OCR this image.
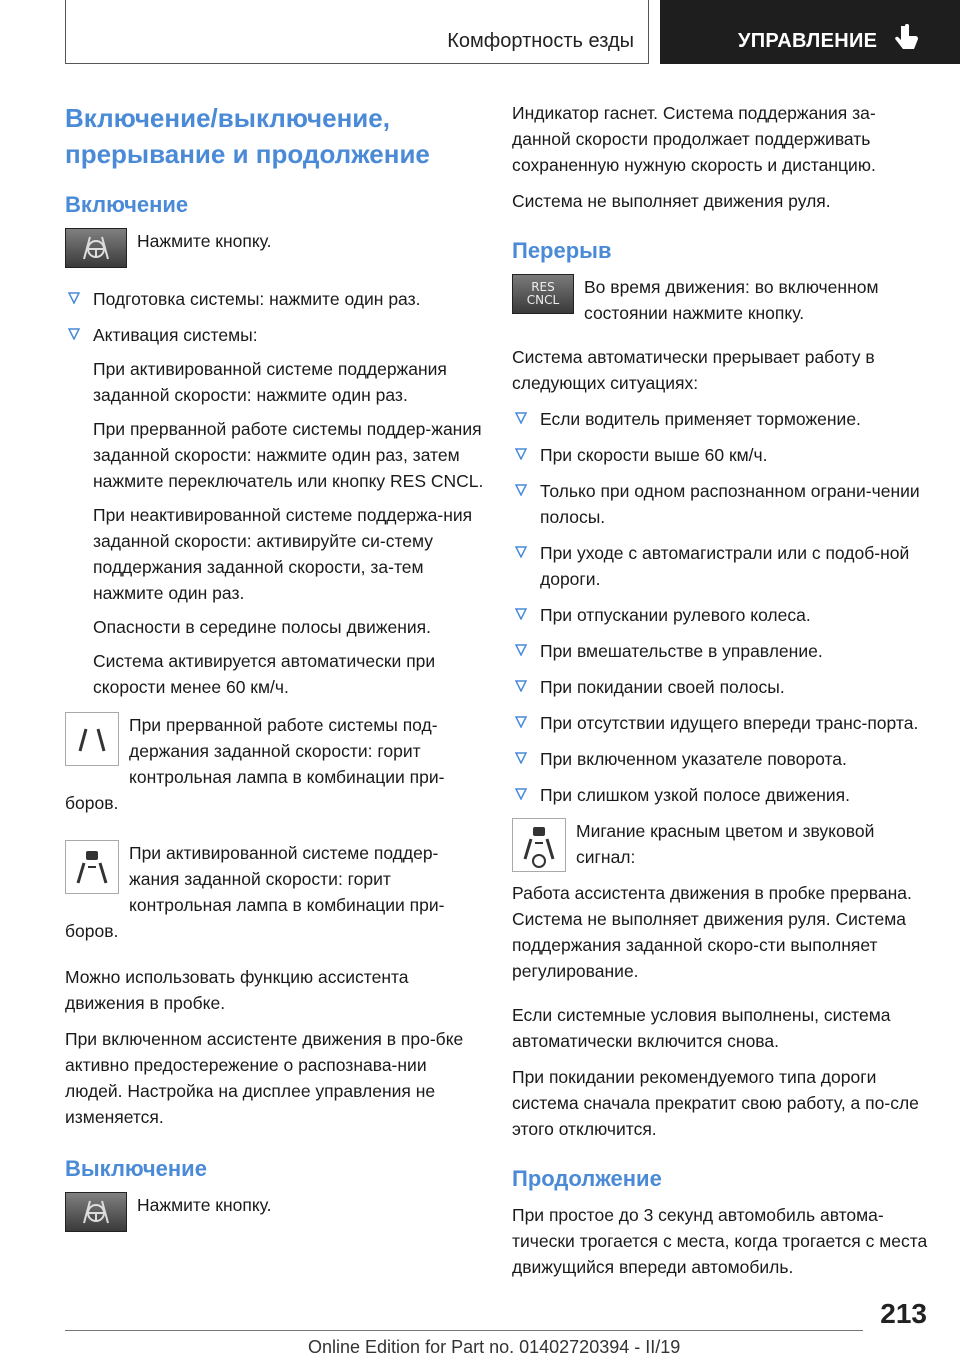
Комфортность езды	УПРАВЛЕНИЕ
Включение/выключение, прерывание и продолжение
Включение
Нажмите кнопку.
Подготовка системы: нажмите один раз.
Активация системы:

При активированной системе поддержания заданной скорости: нажмите один раз.

При прерванной работе системы поддер-жания заданной скорости: нажмите один раз, затем нажмите переключатель или кнопку RES CNCL.

При неактивированной системе поддержа-ния заданной скорости: активируйте си-стему поддержания заданной скорости, за-тем нажмите один раз.

Опасности в середине полосы движения.

Система активируется автоматически при скорости менее 60 км/ч.

При прерванной работе системы под-держания заданной скорости: горит контрольная лампа в комбинации при-боров.

При активированной системе поддер-жания заданной скорости: горит контрольная лампа в комбинации при-боров.

Можно использовать функцию ассистента движения в пробке.

При включенном ассистенте движения в про-бке активно предостережение о распознава-нии людей. Настройка на дисплее управления не изменяется.

Выключение
Нажмите кнопку.

Индикатор гаснет. Система поддержания за-данной скорости продолжает поддерживать сохраненную нужную скорость и дистанцию.

Система не выполняет движения руля.

Перерыв
RES
CNCL
Во время движения: во включенном состоянии нажмите кнопку.

Система автоматически прерывает работу в следующих ситуациях:

Если водитель применяет торможение.
При скорости выше 60 км/ч.
Только при одном распознанном ограни-чении полосы.
При уходе с автомагистрали или с подоб-ной дороги.
При отпускании рулевого колеса.
При вмешательстве в управление.
При покидании своей полосы.
При отсутствии идущего впереди транс-порта.
При включенном указателе поворота.
При слишком узкой полосе движения.

Мигание красным цветом и звуковой сигнал:

Работа ассистента движения в пробке прервана. Система не выполняет движения руля. Система поддержания заданной скоро-сти выполняет регулирование.

Если системные условия выполнены, система автоматически включится снова.

При покидании рекомендуемого типа дороги система сначала прекратит свою работу, а по-сле этого отключится.

Продолжение

При простое до 3 секунд автомобиль автома-тически трогается с места, когда трогается с места движущийся впереди автомобиль.

213
Online Edition for Part no. 01402720394 - II/19
